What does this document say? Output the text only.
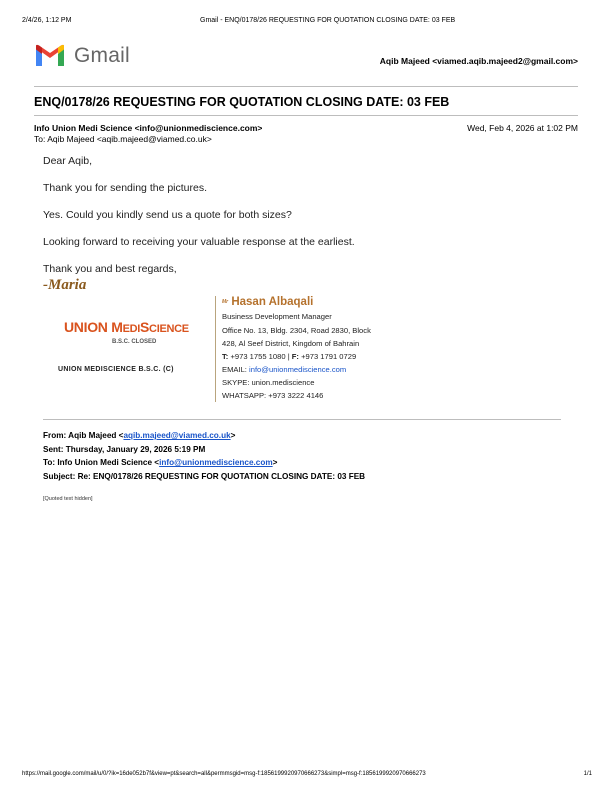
2/4/26, 1:12 PM	Gmail - ENQ/0178/26 REQUESTING FOR QUOTATION CLOSING DATE: 03 FEB
Gmail	Aqib Majeed <viamed.aqib.majeed2@gmail.com>
ENQ/0178/26 REQUESTING FOR QUOTATION CLOSING DATE: 03 FEB
Info Union Medi Science <info@unionmediscience.com>	Wed, Feb 4, 2026 at 1:02 PM
To: Aqib Majeed <aqib.majeed@viamed.co.uk>
Dear Aqib,
Thank you for sending the pictures.
Yes. Could you kindly send us a quote for both sizes?
Looking forward to receiving your valuable response at the earliest.
Thank you and best regards,
-Maria
UNION MEDISCIENCE
B.S.C. CLOSED
UNION MEDISCIENCE B.S.C. (C)
Mr Hasan Albaqali
Business Development Manager
Office No. 13, Bldg. 2304, Road 2830, Block
428, Al Seef District, Kingdom of Bahrain
T: +973 1755 1080 | F: +973 1791 0729
EMAIL: info@unionmediscience.com
SKYPE: union.mediscience
WHATSAPP: +973 3222 4146
From: Aqib Majeed <aqib.majeed@viamed.co.uk>
Sent: Thursday, January 29, 2026 5:19 PM
To: Info Union Medi Science <info@unionmediscience.com>
Subject: Re: ENQ/0178/26 REQUESTING FOR QUOTATION CLOSING DATE: 03 FEB
[Quoted text hidden]
https://mail.google.com/mail/u/0/?ik=16de052b7f&view=pt&search=all&permmsgid=msg-f:1856199920970666273&simpl=msg-f:1856199920970666273	1/1
